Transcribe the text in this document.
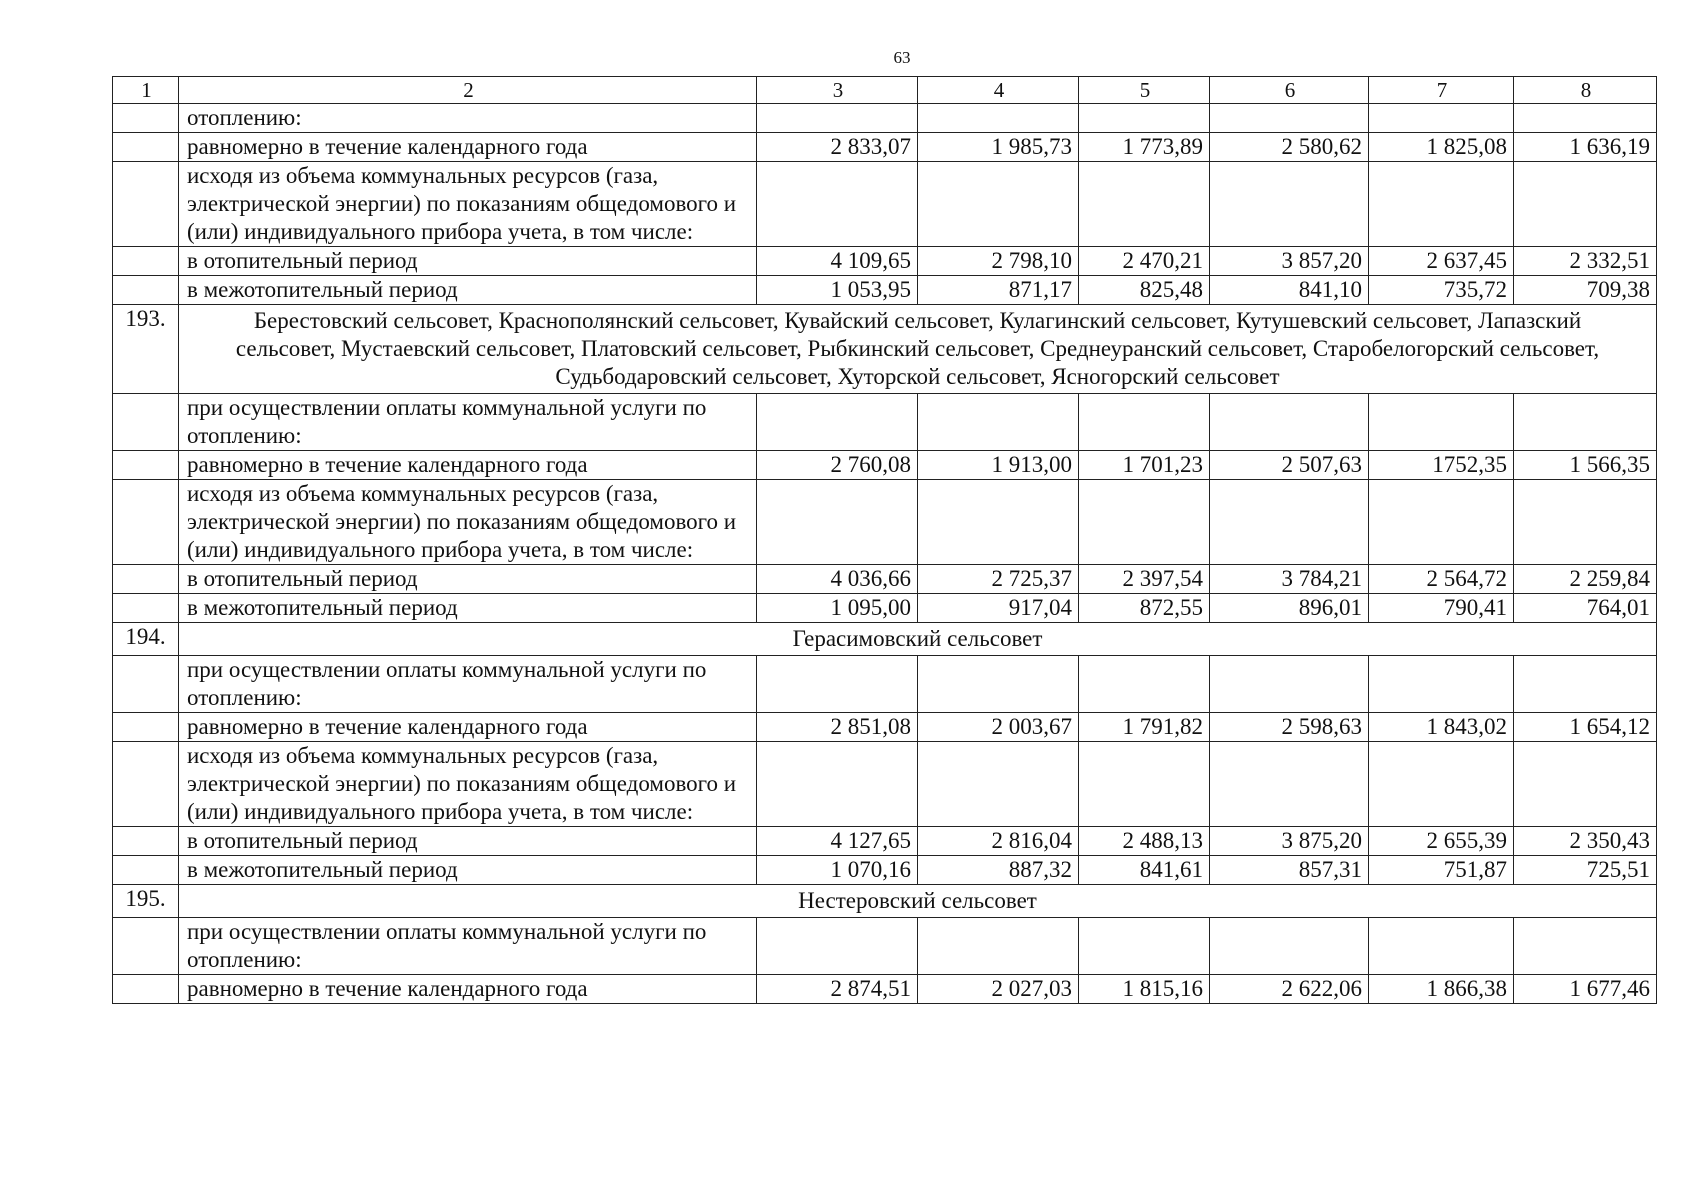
63
1	2	3	4	5	6	7	8
	отоплению:						
	равномерно в течение календарного года	2 833,07	1 985,73	1 773,89	2 580,62	1 825,08	1 636,19
	исходя из объема коммунальных ресурсов (газа, электрической энергии) по показаниям общедомового и (или) индивидуального прибора учета, в том числе:						
	в отопительный период	4 109,65	2 798,10	2 470,21	3 857,20	2 637,45	2 332,51
	в межотопительный период	1 053,95	871,17	825,48	841,10	735,72	709,38
193.	Берестовский сельсовет, Краснополянский сельсовет, Кувайский сельсовет, Кулагинский сельсовет, Кутушевский сельсовет, Лапазский сельсовет, Мустаевский сельсовет, Платовский сельсовет, Рыбкинский сельсовет, Среднеуранский сельсовет, Старобелогорский сельсовет, Судьбодаровский сельсовет, Хуторской сельсовет, Ясногорский сельсовет						
	при осуществлении оплаты коммунальной услуги по отоплению:						
	равномерно в течение календарного года	2 760,08	1 913,00	1 701,23	2 507,63	1752,35	1 566,35
	исходя из объема коммунальных ресурсов (газа, электрической энергии) по показаниям общедомового и (или) индивидуального прибора учета, в том числе:						
	в отопительный период	4 036,66	2 725,37	2 397,54	3 784,21	2 564,72	2 259,84
	в межотопительный период	1 095,00	917,04	872,55	896,01	790,41	764,01
194.	Герасимовский сельсовет						
	при осуществлении оплаты коммунальной услуги по отоплению:						
	равномерно в течение календарного года	2 851,08	2 003,67	1 791,82	2 598,63	1 843,02	1 654,12
	исходя из объема коммунальных ресурсов (газа, электрической энергии) по показаниям общедомового и (или) индивидуального прибора учета, в том числе:						
	в отопительный период	4 127,65	2 816,04	2 488,13	3 875,20	2 655,39	2 350,43
	в межотопительный период	1 070,16	887,32	841,61	857,31	751,87	725,51
195.	Нестеровский сельсовет						
	при осуществлении оплаты коммунальной услуги по отоплению:						
	равномерно в течение календарного года	2 874,51	2 027,03	1 815,16	2 622,06	1 866,38	1 677,46
